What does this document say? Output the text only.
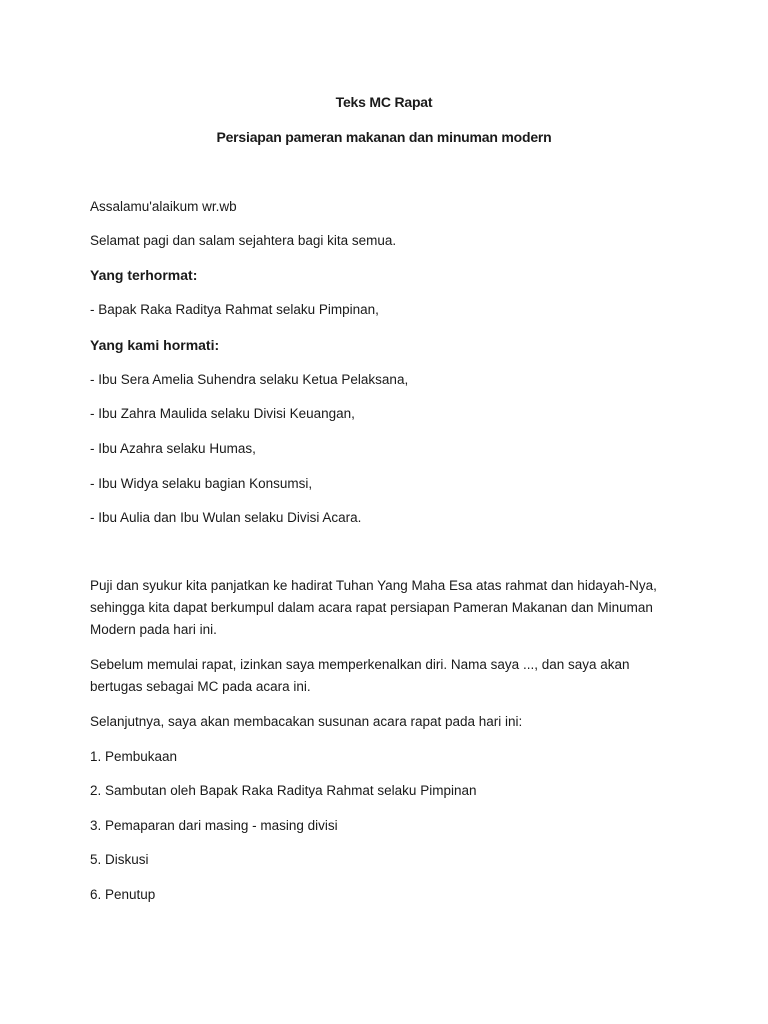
Teks MC Rapat
Persiapan pameran makanan dan minuman modern
Assalamu'alaikum wr.wb
Selamat pagi dan salam sejahtera bagi kita semua.
Yang terhormat:
- Bapak Raka Raditya Rahmat selaku Pimpinan,
Yang kami hormati:
- Ibu Sera Amelia Suhendra selaku Ketua Pelaksana,
- Ibu Zahra Maulida selaku Divisi Keuangan,
- Ibu Azahra selaku Humas,
- Ibu Widya selaku bagian Konsumsi,
- Ibu Aulia dan Ibu Wulan selaku Divisi Acara.
Puji dan syukur kita panjatkan ke hadirat Tuhan Yang Maha Esa atas rahmat dan hidayah-Nya, sehingga kita dapat berkumpul dalam acara rapat persiapan Pameran Makanan dan Minuman Modern pada hari ini.
Sebelum memulai rapat, izinkan saya memperkenalkan diri. Nama saya ..., dan saya akan bertugas sebagai MC pada acara ini.
Selanjutnya, saya akan membacakan susunan acara rapat pada hari ini:
1. Pembukaan
2. Sambutan oleh Bapak Raka Raditya Rahmat selaku Pimpinan
3. Pemaparan dari masing - masing divisi
5. Diskusi
6. Penutup
